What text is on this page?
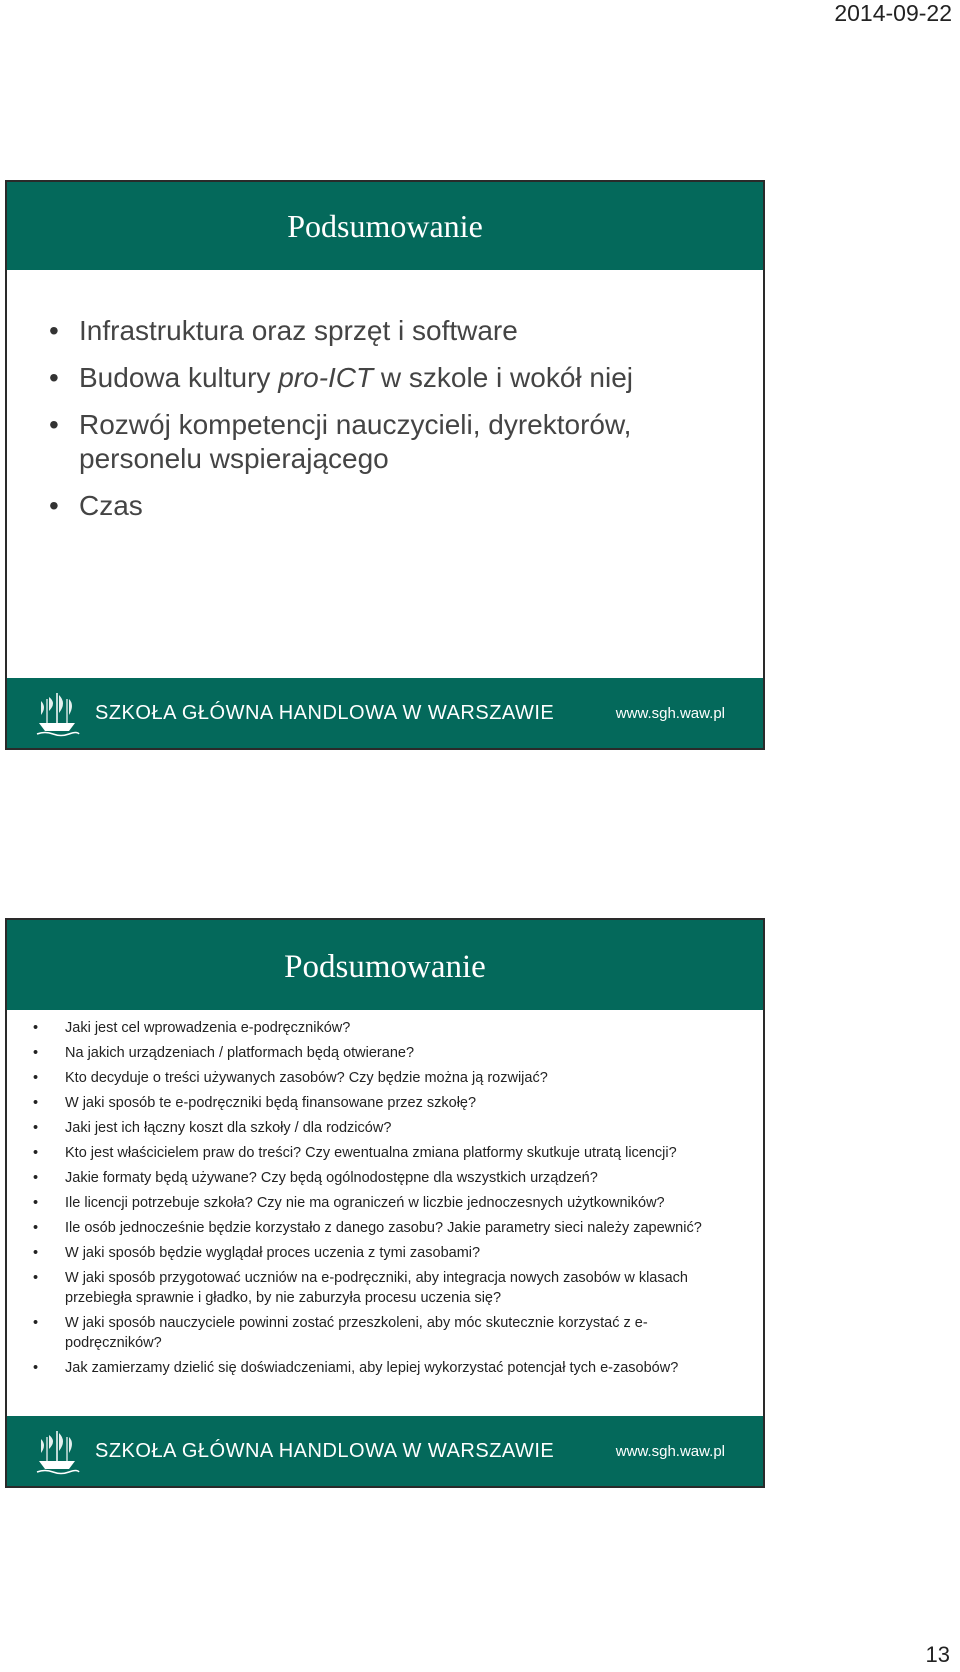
2014-09-22
Podsumowanie
• Infrastruktura oraz sprzęt i software
• Budowa kultury pro-ICT w szkole i wokół niej
• Rozwój kompetencji nauczycieli, dyrektorów, personelu wspierającego
• Czas
SZKOŁA GŁÓWNA HANDLOWA W WARSZAWIE	www.sgh.waw.pl
Podsumowanie
• Jaki jest cel wprowadzenia e-podręczników?
• Na jakich urządzeniach / platformach będą otwierane?
• Kto decyduje o treści używanych zasobów? Czy będzie można ją rozwijać?
• W jaki sposób te e-podręczniki będą finansowane przez szkołę?
• Jaki jest ich łączny koszt dla szkoły / dla rodziców?
• Kto jest właścicielem praw do treści? Czy ewentualna zmiana platformy skutkuje utratą licencji?
• Jakie formaty będą używane? Czy będą ogólnodostępne dla wszystkich urządzeń?
• Ile licencji potrzebuje szkoła? Czy nie ma ograniczeń w liczbie jednoczesnych użytkowników?
• Ile osób jednocześnie będzie korzystało z danego zasobu? Jakie parametry sieci należy zapewnić?
• W jaki sposób będzie wyglądał proces uczenia z tymi zasobami?
• W jaki sposób przygotować uczniów na e-podręczniki, aby integracja nowych zasobów w klasach przebiegła sprawnie i gładko, by nie zaburzyła procesu uczenia się?
• W jaki sposób nauczyciele powinni zostać przeszkoleni, aby móc skutecznie korzystać z e-podręczników?
• Jak zamierzamy dzielić się doświadczeniami, aby lepiej wykorzystać potencjał tych e-zasobów?
SZKOŁA GŁÓWNA HANDLOWA W WARSZAWIE	www.sgh.waw.pl
13
